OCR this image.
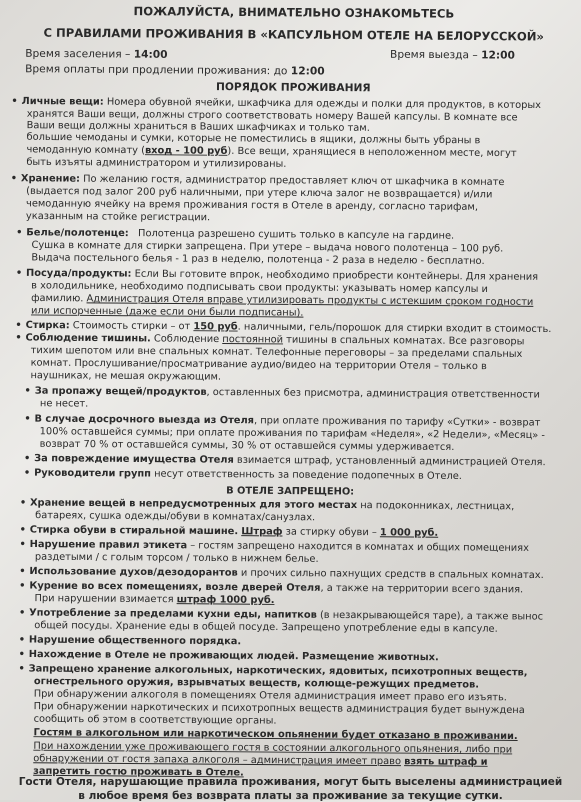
ПОЖАЛУЙСТА, ВНИМАТЕЛЬНО ОЗНАКОМЬТЕСЬ
С ПРАВИЛАМИ ПРОЖИВАНИЯ В «КАПСУЛЬНОМ ОТЕЛЕ НА БЕЛОРУССКОЙ»
Время заселения – 14:00	Время выезда – 12:00
Время оплаты при продлении проживания: до 12:00
ПОРЯДОК ПРОЖИВАНИЯ
• Личные вещи: Номера обувной ячейки, шкафчика для одежды и полки для продуктов, в которых
хранятся Ваши вещи, должны строго соответствовать номеру Вашей капсулы. В комнате все
Ваши вещи должны храниться в Ваших шкафчиках и только там.
большие чемоданы и сумки, которые не поместились в ящики, должны быть убраны в
чемоданную комнату (вход - 100 руб). Все вещи, хранящиеся в неположенном месте, могут
быть изъяты администратором и утилизированы.
• Хранение: По желанию гостя, администратор предоставляет ключ от шкафчика в комнате
(выдается под залог 200 руб наличными, при утере ключа залог не возвращается) и/или
чемоданную ячейку на время проживания гостя в Отеле в аренду, согласно тарифам,
указанным на стойке регистрации.
• Белье/полотенце: Полотенца разрешено сушить только в капсуле на гардине.
Сушка в комнате для стирки запрещена. При утере – выдача нового полотенца – 100 руб.
Выдача постельного белья - 1 раз в неделю, полотенца - 2 раза в неделю - бесплатно.
• Посуда/продукты: Если Вы готовите впрок, необходимо приобрести контейнеры. Для хранения
в холодильнике, необходимо подписывать свои продукты: указывать номер капсулы и
фамилию. Администрация Отеля вправе утилизировать продукты с истекшим сроком годности
или испорченные (даже если они были подписаны).
• Стирка: Стоимость стирки – от 150 руб. наличными, гель/порошок для стирки входит в стоимость.
• Соблюдение тишины. Соблюдение постоянной тишины в спальных комнатах. Все разговоры
тихим шепотом или вне спальных комнат. Телефонные переговоры – за пределами спальных
комнат. Прослушивание/просматривание аудио/видео на территории Отеля – только в
наушниках, не мешая окружающим.
• За пропажу вещей/продуктов, оставленных без присмотра, администрация ответственности
не несет.
• В случае досрочного выезда из Отеля, при оплате проживания по тарифу «Сутки» - возврат
100% оставшейся суммы; при оплате проживания по тарифам «Неделя», «2 Недели», «Месяц» -
возврат 70 % от оставшейся суммы, 30 % от оставшейся суммы удерживается.
• За повреждение имущества Отеля взимается штраф, установленный администрацией Отеля.
• Руководители групп несут ответственность за поведение подопечных в Отеле.
В ОТЕЛЕ ЗАПРЕЩЕНО:
• Хранение вещей в непредусмотренных для этого местах на подоконниках, лестницах,
батареях, сушка одежды/обуви в комнатах/санузлах.
• Стирка обуви в стиральной машине. Штраф за стирку обуви – 1 000 руб.
• Нарушение правил этикета – гостям запрещено находится в комнатах и общих помещениях
раздетыми / с голым торсом / только в нижнем белье.
• Использование духов/дезодорантов и прочих сильно пахнущих средств в спальных комнатах.
• Курение во всех помещениях, возле дверей Отеля, а также на территории всего здания.
При нарушении взимается штраф 1000 руб.
• Употребление за пределами кухни еды, напитков (в незакрывающейся таре), а также вынос
общей посуды. Хранение еды в общей посуде. Запрещено употребление еды в капсуле.
• Нарушение общественного порядка.
• Нахождение в Отеле не проживающих людей. Размещение животных.
• Запрещено хранение алкогольных, наркотических, ядовитых, психотропных веществ,
огнестрельного оружия, взрывчатых веществ, колюще-режущих предметов.
При обнаружении алкоголя в помещениях Отеля администрация имеет право его изъять.
При обнаружении наркотических и психотропных веществ администрация будет вынуждена
сообщить об этом в соответствующие органы.
Гостям в алкогольном или наркотическом опьянении будет отказано в проживании.
При нахождении уже проживающего гостя в состоянии алкогольного опьянения, либо при
обнаружении от гостя запаха алкоголя – администрация имеет право взять штраф и
запретить гостю проживать в Отеле.
Гости Отеля, нарушающие правила проживания, могут быть выселены администрацией
в любое время без возврата платы за проживание за текущие сутки.
